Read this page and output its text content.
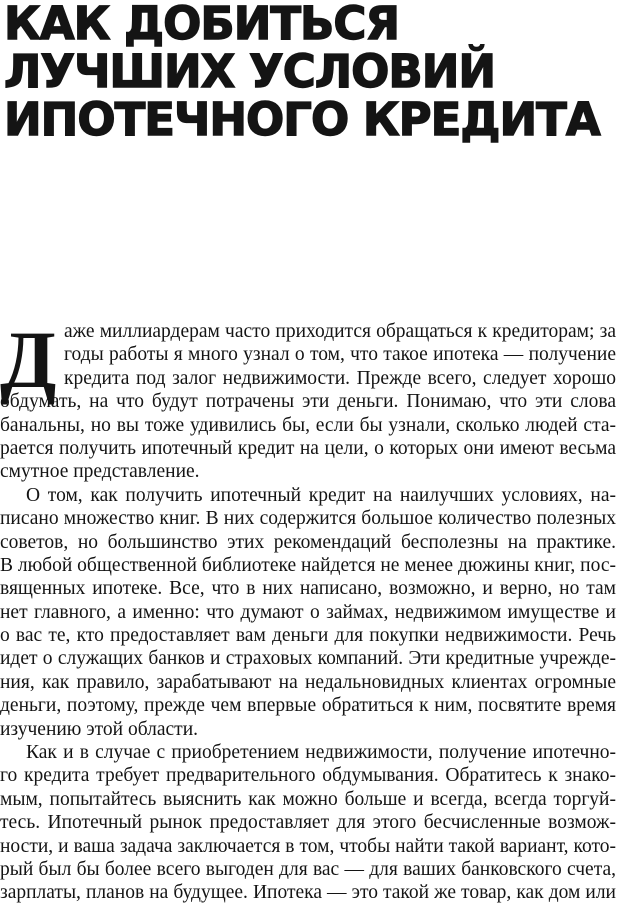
КАК ДОБИТЬСЯ
ЛУЧШИХ УСЛОВИЙ
ИПОТЕЧНОГО КРЕДИТА
Д аже миллиардерам часто приходится обращаться к кредиторам; за
годы работы я много узнал о том, что такое ипотека — получение
кредита под залог недвижимости. Прежде всего, следует хорошо
обдумать, на что будут потрачены эти деньги. Понимаю, что эти слова
банальны, но вы тоже удивились бы, если бы узнали, сколько людей ста-
рается получить ипотечный кредит на цели, о которых они имеют весьма
смутное представление.
О том, как получить ипотечный кредит на наилучших условиях, на-
писано множество книг. В них содержится большое количество полезных
советов, но большинство этих рекомендаций бесполезны на практике.
В любой общественной библиотеке найдется не менее дюжины книг, пос-
вященных ипотеке. Все, что в них написано, возможно, и верно, но там
нет главного, а именно: что думают о займах, недвижимом имуществе и
о вас те, кто предоставляет вам деньги для покупки недвижимости. Речь
идет о служащих банков и страховых компаний. Эти кредитные учрежде-
ния, как правило, зарабатывают на недальновидных клиентах огромные
деньги, поэтому, прежде чем впервые обратиться к ним, посвятите время
изучению этой области.
Как и в случае с приобретением недвижимости, получение ипотечно-
го кредита требует предварительного обдумывания. Обратитесь к знако-
мым, попытайтесь выяснить как можно больше и всегда, всегда торгуй-
тесь. Ипотечный рынок предоставляет для этого бесчисленные возмож-
ности, и ваша задача заключается в том, чтобы найти такой вариант, кото-
рый был бы более всего выгоден для вас — для ваших банковского счета,
зарплаты, планов на будущее. Ипотека — это такой же товар, как дом или
